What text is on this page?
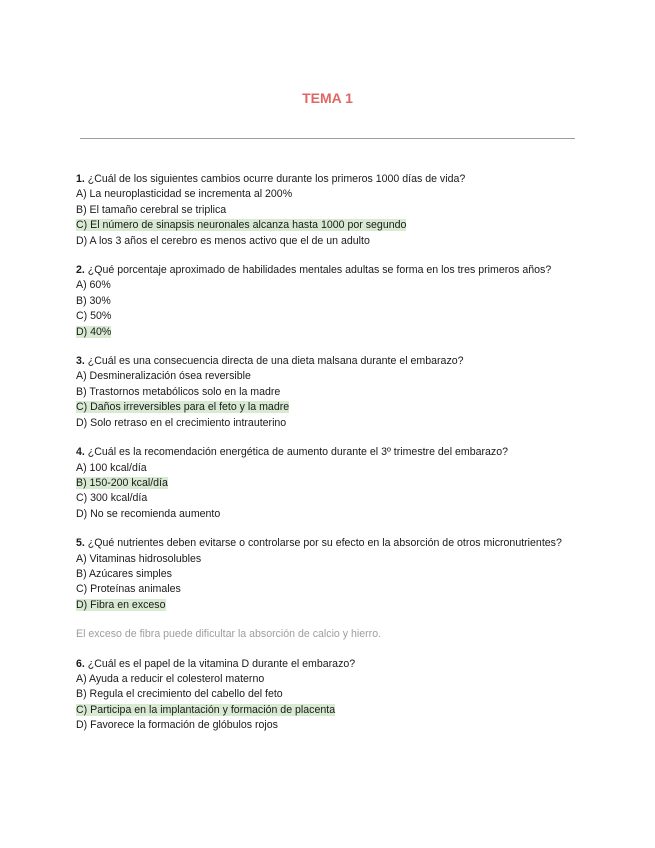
TEMA 1

1. ¿Cuál de los siguientes cambios ocurre durante los primeros 1000 días de vida?

A) La neuroplasticidad se incrementa al 200%

B) El tamaño cerebral se triplica

C) El número de sinapsis neuronales alcanza hasta 1000 por segundo

D) A los 3 años el cerebro es menos activo que el de un adulto

2. ¿Qué porcentaje aproximado de habilidades mentales adultas se forma en los tres primeros años?

A) 60%

B) 30%

C) 50%

D) 40%

3. ¿Cuál es una consecuencia directa de una dieta malsana durante el embarazo?

A) Desmineralización ósea reversible

B) Trastornos metabólicos solo en la madre

C) Daños irreversibles para el feto y la madre

D) Solo retraso en el crecimiento intrauterino

4. ¿Cuál es la recomendación energética de aumento durante el 3º trimestre del embarazo?

A) 100 kcal/día

B) 150-200 kcal/día

C) 300 kcal/día

D) No se recomienda aumento

5. ¿Qué nutrientes deben evitarse o controlarse por su efecto en la absorción de otros micronutrientes?

A) Vitaminas hidrosolubles

B) Azúcares simples

C) Proteínas animales

D) Fibra en exceso

El exceso de fibra puede dificultar la absorción de calcio y hierro.

6. ¿Cuál es el papel de la vitamina D durante el embarazo?

A) Ayuda a reducir el colesterol materno

B) Regula el crecimiento del cabello del feto

C) Participa en la implantación y formación de placenta

D) Favorece la formación de glóbulos rojos
